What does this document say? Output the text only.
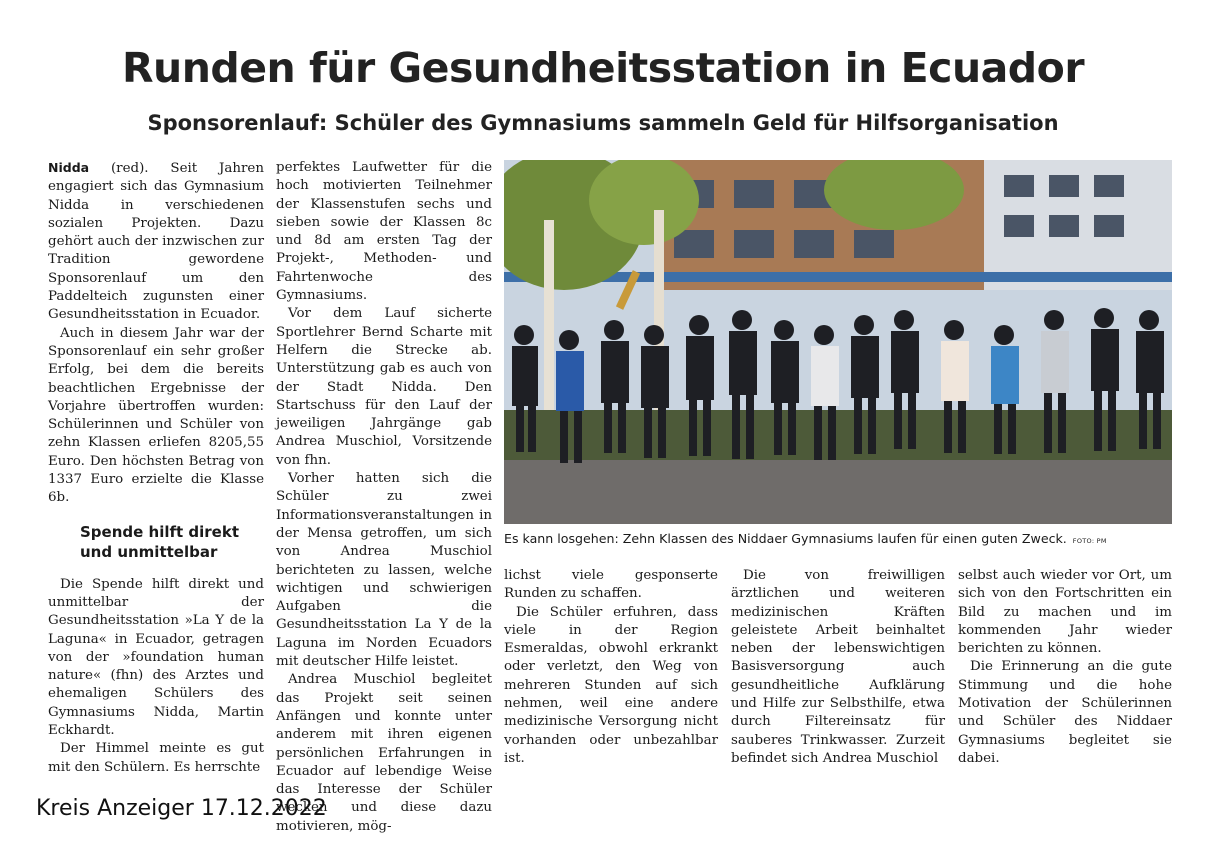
Runden für Gesundheitsstation in Ecuador
Sponsorenlauf: Schüler des Gymnasiums sammeln Geld für Hilfsorganisation

Nidda (red). Seit Jahren engagiert sich das Gymnasium Nidda in verschiedenen sozialen Projekten. Dazu gehört auch der inzwischen zur Tradition gewordene Sponsorenlauf um den Paddelteich zugunsten einer Gesundheitsstation in Ecuador.

Auch in diesem Jahr war der Sponsorenlauf ein sehr großer Erfolg, bei dem die bereits beachtlichen Ergebnisse der Vorjahre übertroffen wurden: Schülerinnen und Schüler von zehn Klassen erliefen 8205,55 Euro. Den höchsten Betrag von 1337 Euro erzielte die Klasse 6b.

Spende hilft direkt und unmittelbar

Die Spende hilft direkt und unmittelbar der Gesundheitsstation »La Y de la Laguna« in Ecuador, getragen von der »foundation human nature« (fhn) des Arztes und ehemaligen Schülers des Gymnasiums Nidda, Martin Eckhardt.

Der Himmel meinte es gut mit den Schülern. Es herrschte

perfektes Laufwetter für die hoch motivierten Teilnehmer der Klassenstufen sechs und sieben sowie der Klassen 8c und 8d am ersten Tag der Projekt-, Methoden- und Fahrtenwoche des Gymnasiums.

Vor dem Lauf sicherte Sportlehrer Bernd Scharte mit Helfern die Strecke ab. Unterstützung gab es auch von der Stadt Nidda. Den Startschuss für den Lauf der jeweiligen Jahrgänge gab Andrea Muschiol, Vorsitzende von fhn.

Vorher hatten sich die Schüler zu zwei Informationsveranstaltungen in der Mensa getroffen, um sich von Andrea Muschiol berichteten zu lassen, welche wichtigen und schwierigen Aufgaben die Gesundheitsstation La Y de la Laguna im Norden Ecuadors mit deutscher Hilfe leistet.

Andrea Muschiol begleitet das Projekt seit seinen Anfängen und konnte unter anderem mit ihren eigenen persönlichen Erfahrungen in Ecuador auf lebendige Weise das Interesse der Schüler wecken und diese dazu motivieren, mög-

Es kann losgehen: Zehn Klassen des Niddaer Gymnasiums laufen für einen guten Zweck. FOTO: PM

lichst viele gesponserte Runden zu schaffen.

Die Schüler erfuhren, dass viele in der Region Esmeraldas, obwohl erkrankt oder verletzt, den Weg von mehreren Stunden auf sich nehmen, weil eine andere medizinische Versorgung nicht vorhanden oder unbezahlbar ist.

Die von freiwilligen ärztlichen und weiteren medizinischen Kräften geleistete Arbeit beinhaltet neben der lebenswichtigen Basisversorgung auch gesundheitliche Aufklärung und Hilfe zur Selbsthilfe, etwa durch Filtereinsatz für sauberes Trinkwasser. Zurzeit befindet sich Andrea Muschiol

selbst auch wieder vor Ort, um sich von den Fortschritten ein Bild zu machen und im kommenden Jahr wieder berichten zu können.

Die Erinnerung an die gute Stimmung und die hohe Motivation der Schülerinnen und Schüler des Niddaer Gymnasiums begleitet sie dabei.

Kreis Anzeiger 17.12.2022
